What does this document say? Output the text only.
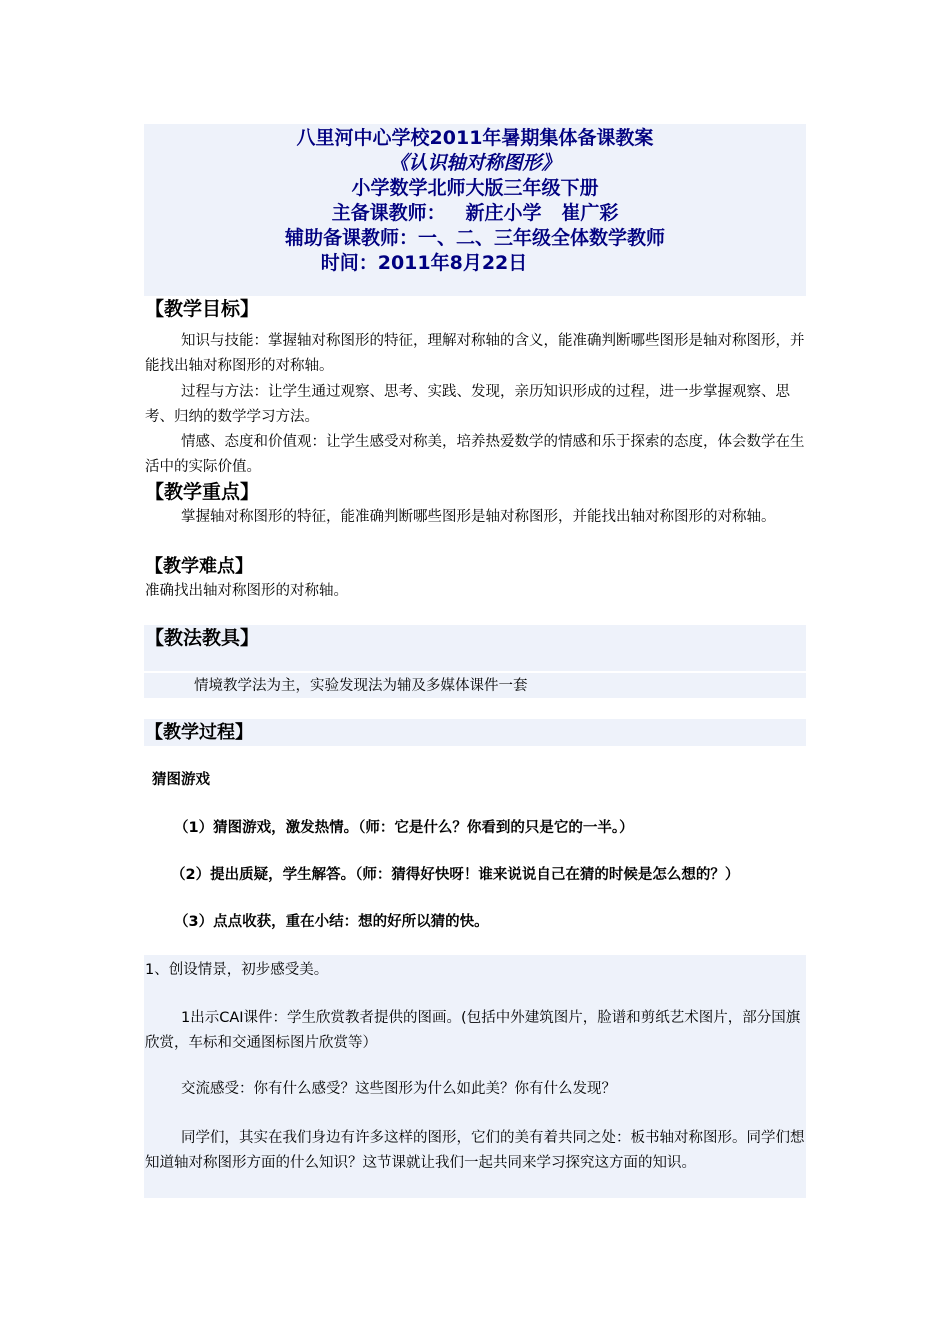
八里河中心学校2011年暑期集体备课教案
《认识轴对称图形》
小学数学北师大版三年级下册
主备课教师：   新庄小学   崔广彩
辅助备课教师：一、二、三年级全体数学教师
时间：2011年8月22日
【教学目标】
知识与技能：掌握轴对称图形的特征，理解对称轴的含义，能准确判断哪些图形是轴对称图形，并能找出轴对称图形的对称轴。
过程与方法：让学生通过观察、思考、实践、发现，亲历知识形成的过程，进一步掌握观察、思考、归纳的数学学习方法。
情感、态度和价值观：让学生感受对称美，培养热爱数学的情感和乐于探索的态度，体会数学在生活中的实际价值。
【教学重点】
掌握轴对称图形的特征，能准确判断哪些图形是轴对称图形，并能找出轴对称图形的对称轴。
【教学难点】
准确找出轴对称图形的对称轴。
【教法教具】
情境教学法为主，实验发现法为辅及多媒体课件一套
【教学过程】
猜图游戏
（1）猜图游戏，激发热情。（师：它是什么？你看到的只是它的一半。）
（2）提出质疑，学生解答。（师：猜得好快呀！谁来说说自己在猜的时候是怎么想的？）
（3）点点收获，重在小结：想的好所以猜的快。
1、创设情景，初步感受美。
1出示CAI课件：学生欣赏教者提供的图画。(包括中外建筑图片，脸谱和剪纸艺术图片，部分国旗欣赏，车标和交通图标图片欣赏等）
交流感受：你有什么感受？这些图形为什么如此美？你有什么发现？
同学们，其实在我们身边有许多这样的图形，它们的美有着共同之处：板书轴对称图形。同学们想知道轴对称图形方面的什么知识？这节课就让我们一起共同来学习探究这方面的知识。
